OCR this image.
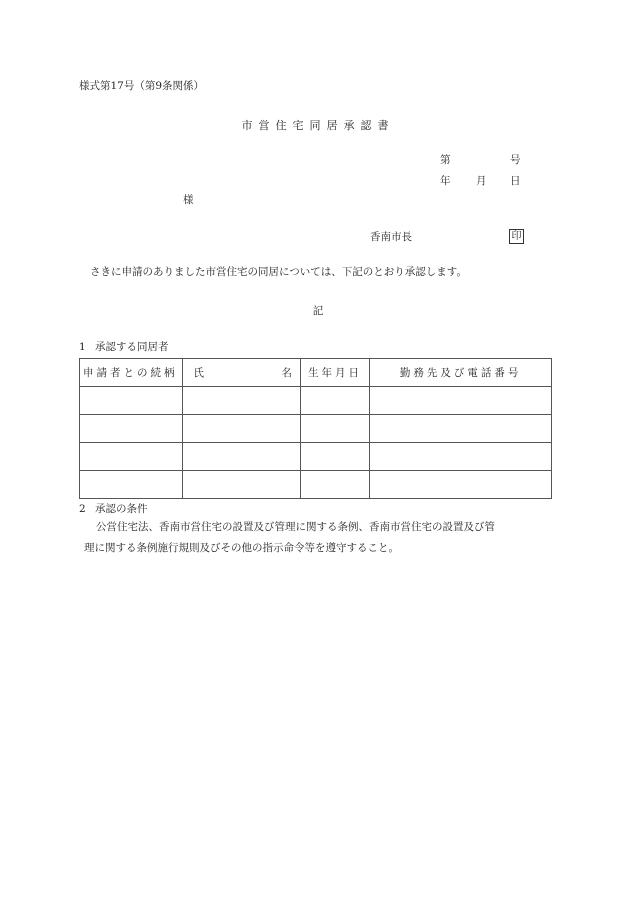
様式第17号（第9条関係）
市営住宅同居承認書
第	号
年 月 日
様
香南市長	印
さきに申請のありました市営住宅の同居については、下記のとおり承認します。
記
1 承認する同居者
申請者との続柄	氏 名	生年月日	勤務先及び電話番号

2 承認の条件
公営住宅法、香南市営住宅の設置及び管理に関する条例、香南市営住宅の設置及び管
理に関する条例施行規則及びその他の指示命令等を遵守すること。
